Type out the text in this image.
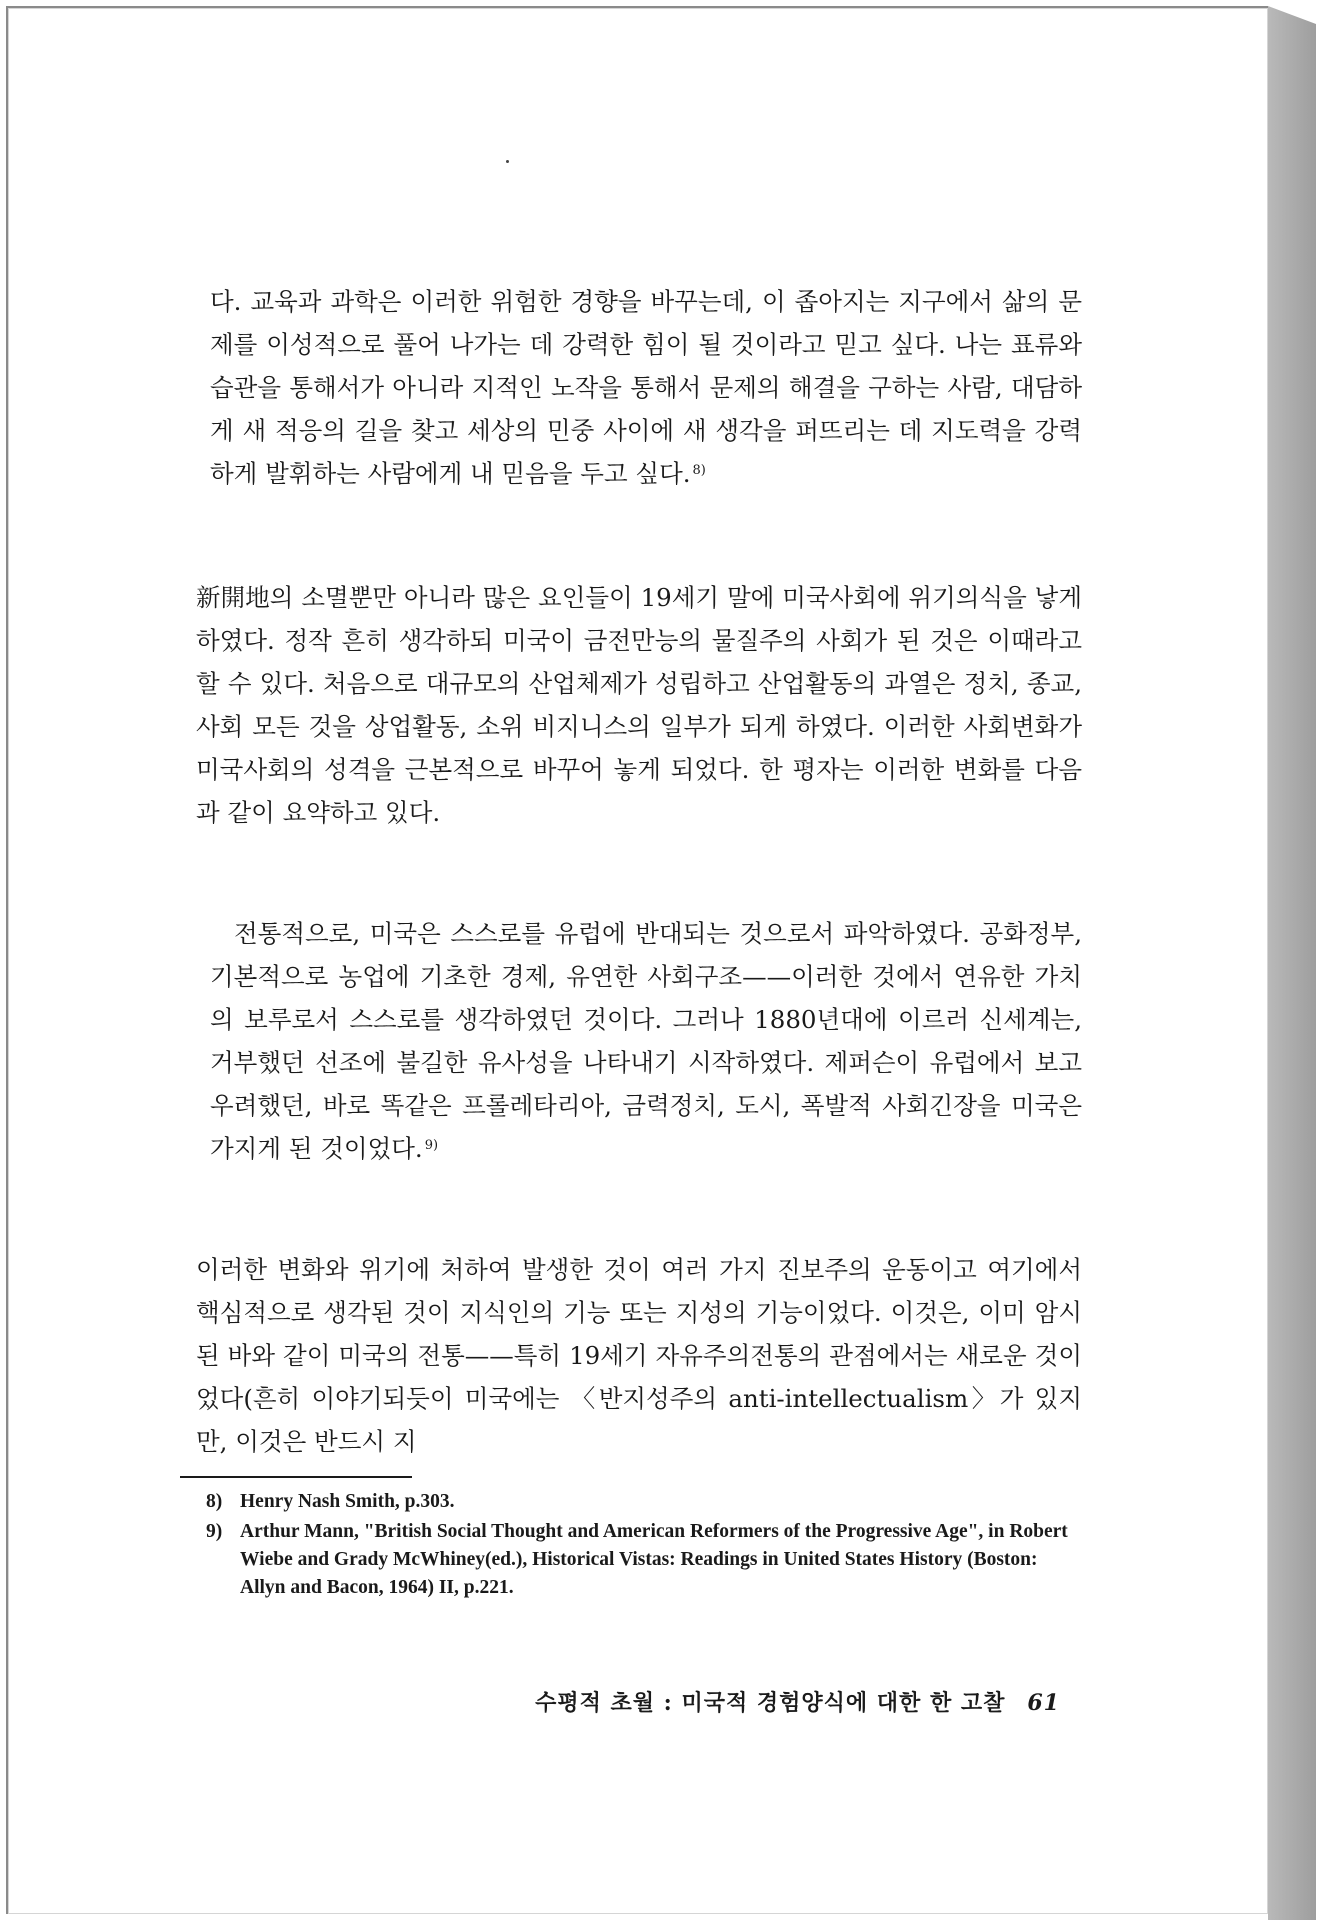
다. 교육과 과학은 이러한 위험한 경향을 바꾸는데, 이 좁아지는 지구에서 삶의 문제를 이성적으로 풀어 나가는 데 강력한 힘이 될 것이라고 믿고 싶다. 나는 표류와 습관을 통해서가 아니라 지적인 노작을 통해서 문제의 해결을 구하는 사람, 대담하게 새 적응의 길을 찾고 세상의 민중 사이에 새 생각을 퍼뜨리는 데 지도력을 강력하게 발휘하는 사람에게 내 믿음을 두고 싶다. $^{8)}$

新開地의 소멸뿐만 아니라 많은 요인들이 19세기 말에 미국사회에 위기의식을 낳게 하였다. 정작 흔히 생각하되 미국이 금전만능의 물질주의 사회가 된 것은 이때라고 할 수 있다. 처음으로 대규모의 산업체제가 성립하고 산업활동의 과열은 정치, 종교, 사회 모든 것을 상업활동, 소위 비지니스의 일부가 되게 하였다. 이러한 사회변화가 미국사회의 성격을 근본적으로 바꾸어 놓게 되었다. 한 평자는 이러한 변화를 다음과 같이 요약하고 있다.

전통적으로, 미국은 스스로를 유럽에 반대되는 것으로서 파악하였다. 공화정부, 기본적으로 농업에 기초한 경제, 유연한 사회구조——이러한 것에서 연유한 가치의 보루로서 스스로를 생각하였던 것이다. 그러나 1880년대에 이르러 신세계는, 거부했던 선조에 불길한 유사성을 나타내기 시작하였다. 제퍼슨이 유럽에서 보고 우려했던, 바로 똑같은 프롤레타리아, 금력정치, 도시, 폭발적 사회긴장을 미국은 가지게 된 것이었다. $^{9)}$

이러한 변화와 위기에 처하여 발생한 것이 여러 가지 진보주의 운동이고 여기에서 핵심적으로 생각된 것이 지식인의 기능 또는 지성의 기능이었다. 이것은, 이미 암시된 바와 같이 미국의 전통——특히 19세기 자유주의전통의 관점에서는 새로운 것이었다(흔히 이야기되듯이 미국에는 〈반지성주의 anti-intellectualism〉가 있지만, 이것은 반드시 지

8) Henry Nash Smith, p.303.
9) Arthur Mann, "British Social Thought and American Reformers of the Progressive Age", in Robert Wiebe and Grady McWhiney(ed.), Historical Vistas: Readings in United States History (Boston: Allyn and Bacon, 1964) II, p.221.
수평적 초월 : 미국적 경험양식에 대한 한 고찰 61
